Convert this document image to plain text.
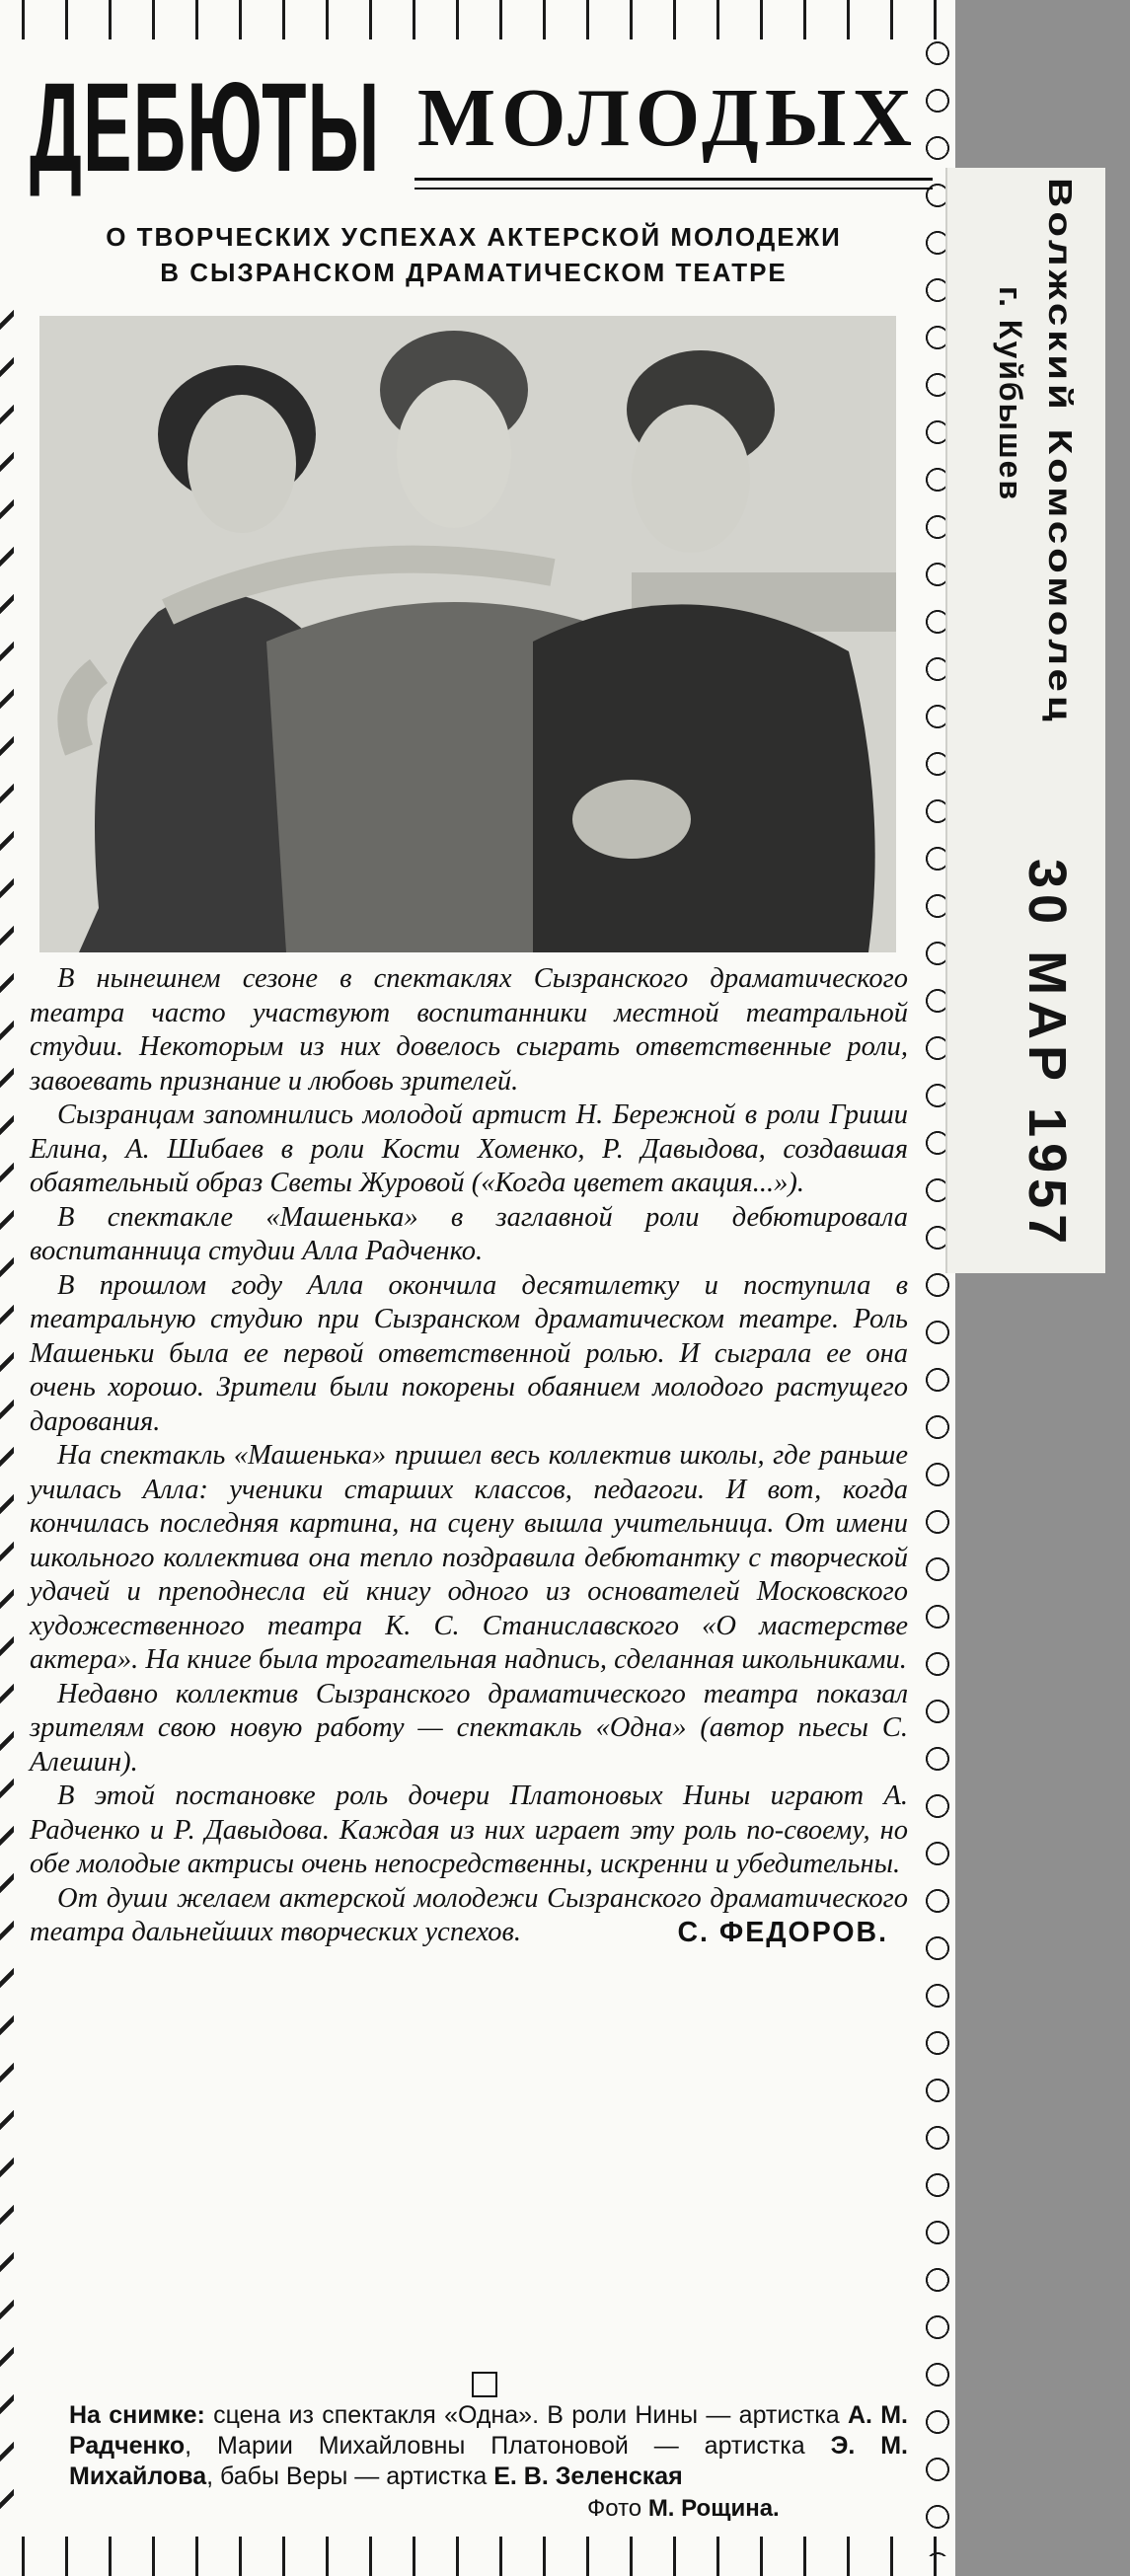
ДЕБЮТЫ МОЛОДЫХ
О ТВОРЧЕСКИХ УСПЕХАХ АКТЕРСКОЙ МОЛОДЕЖИ
В СЫЗРАНСКОМ ДРАМАТИЧЕСКОМ ТЕАТРЕ

В нынешнем сезоне в спектаклях Сызранского драматического театра часто участвуют воспитанники местной театральной студии. Некоторым из них довелось сыграть ответственные роли, завоевать признание и любовь зрителей.

Сызранцам запомнились молодой артист Н. Бережной в роли Гриши Елина, А. Шибаев в роли Кости Хоменко, Р. Давыдова, создавшая обаятельный образ Светы Журовой («Когда цветет акация...»).

В спектакле «Машенька» в заглавной роли дебютировала воспитанница студии Алла Радченко.

В прошлом году Алла окончила десятилетку и поступила в театральную студию при Сызранском драматическом театре. Роль Машеньки была ее первой ответственной ролью. И сыграла ее она очень хорошо. Зрители были покорены обаянием молодого растущего дарования.

На спектакль «Машенька» пришел весь коллектив школы, где раньше училась Алла: ученики старших классов, педагоги. И вот, когда кончилась последняя картина, на сцену вышла учительница. От имени школьного коллектива она тепло поздравила дебютантку с творческой удачей и преподнесла ей книгу одного из основателей Московского художественного театра К. С. Станиславского «О мастерстве актера». На книге была трогательная надпись, сделанная школьниками.

Недавно коллектив Сызранского драматического театра показал зрителям свою новую работу — спектакль «Одна» (автор пьесы С. Алешин).

В этой постановке роль дочери Платоновых Нины играют А. Радченко и Р. Давыдова. Каждая из них играет эту роль по-своему, но обе молодые актрисы очень непосредственны, искренни и убедительны.

От души желаем актерской молодежи Сызранского драматического театра дальнейших творческих успехов.	С. ФЕДОРОВ.

На снимке: сцена из спектакля «Одна». В роли Нины — артистка А. М. Радченко, Марии Михайловны Платоновой — артистка Э. М. Михайлова, бабы Веры — артистка Е. В. Зеленская
Фото М. Рощина.
Волжский Комсомолец
г. Куйбышев
30 МАР 1957
